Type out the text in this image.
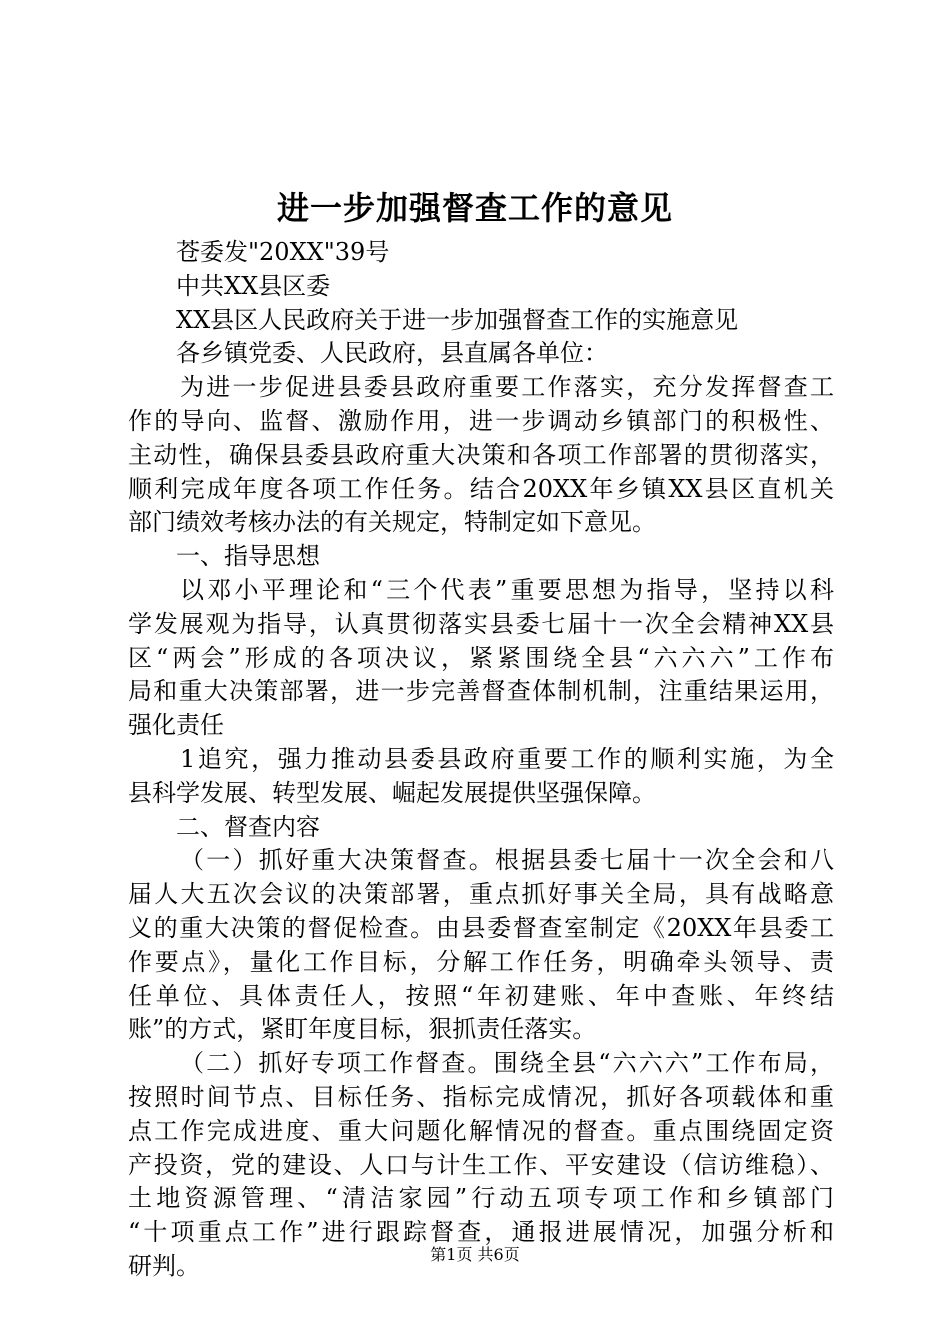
进一步加强督查工作的意见
苍委发"20XX"39号
中共XX县区委
XX县区人民政府关于进一步加强督查工作的实施意见
各乡镇党委、人民政府，县直属各单位：
为进一步促进县委县政府重要工作落实，充分发挥督查工
作的导向、监督、激励作用，进一步调动乡镇部门的积极性、
主动性，确保县委县政府重大决策和各项工作部署的贯彻落实，
顺利完成年度各项工作任务。结合20XX年乡镇XX县区直机关
部门绩效考核办法的有关规定，特制定如下意见。
一、指导思想
以邓小平理论和“三个代表”重要思想为指导，坚持以科
学发展观为指导，认真贯彻落实县委七届十一次全会精神XX县
区“两会”形成的各项决议，紧紧围绕全县“六六六”工作布
局和重大决策部署，进一步完善督查体制机制，注重结果运用，
强化责任
1追究，强力推动县委县政府重要工作的顺利实施，为全
县科学发展、转型发展、崛起发展提供坚强保障。
二、督查内容
（一）抓好重大决策督查。根据县委七届十一次全会和八
届人大五次会议的决策部署，重点抓好事关全局，具有战略意
义的重大决策的督促检查。由县委督查室制定《20XX年县委工
作要点》，量化工作目标，分解工作任务，明确牵头领导、责
任单位、具体责任人，按照“年初建账、年中查账、年终结
账”的方式，紧盯年度目标，狠抓责任落实。
（二）抓好专项工作督查。围绕全县“六六六”工作布局，
按照时间节点、目标任务、指标完成情况，抓好各项载体和重
点工作完成进度、重大问题化解情况的督查。重点围绕固定资
产投资，党的建设、人口与计生工作、平安建设（信访维稳）、
土地资源管理、“清洁家园”行动五项专项工作和乡镇部门
“十项重点工作”进行跟踪督查，通报进展情况，加强分析和
研判。	第1页 共6页
